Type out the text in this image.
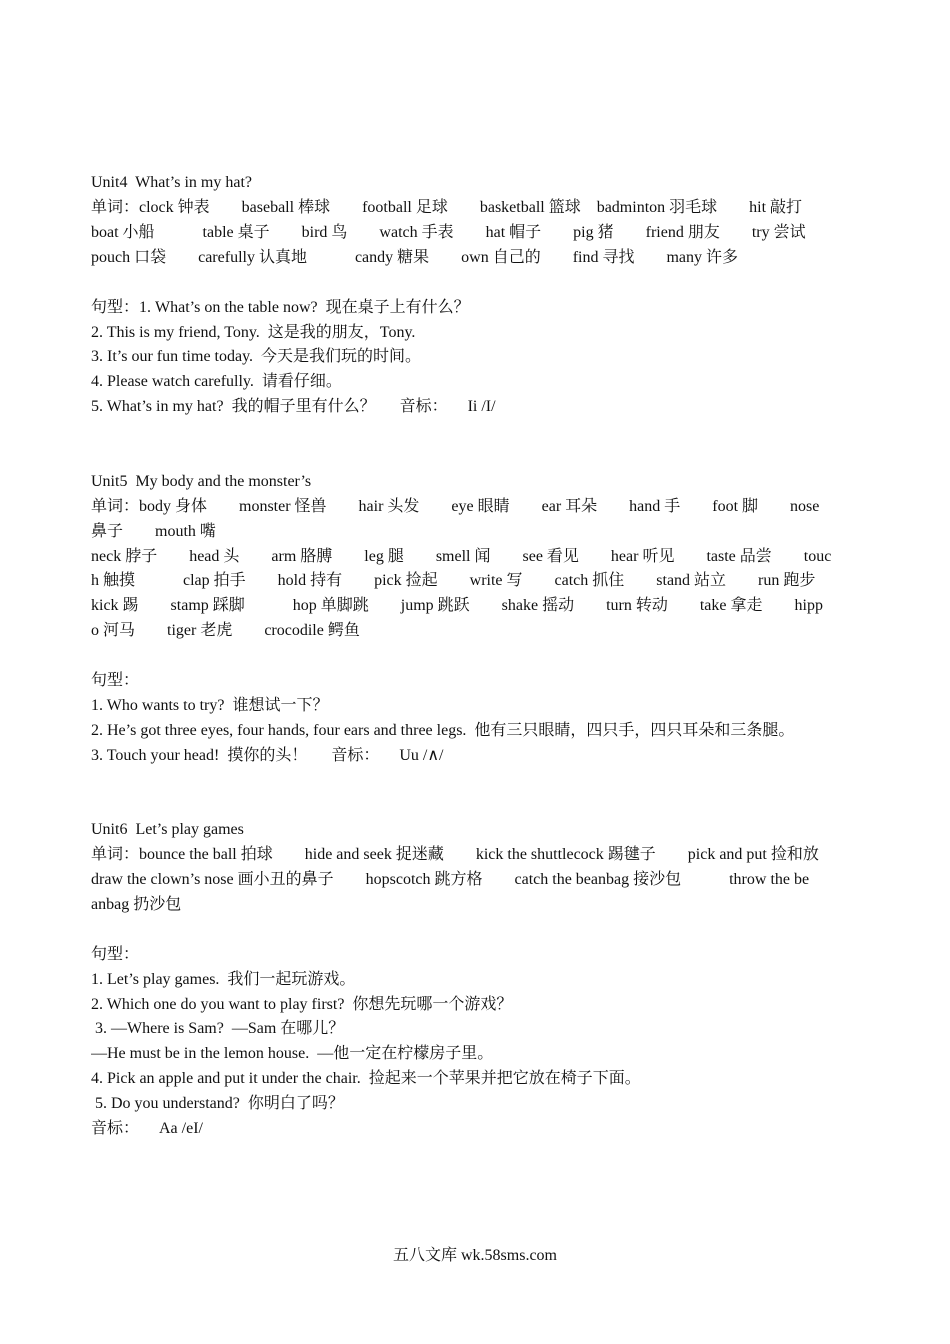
Unit4  What’s in my hat?
单词：clock 钟表        baseball 棒球        football 足球        basketball 篮球    badminton 羽毛球        hit 敲打
boat 小船            table 桌子        bird 鸟        watch 手表        hat 帽子        pig 猪        friend 朋友        try 尝试
pouch 口袋        carefully 认真地            candy 糖果        own 自己的        find 寻找        many 许多
句型：1. What’s on the table now?  现在桌子上有什么？
2. This is my friend, Tony.  这是我的朋友，Tony.
3. It’s our fun time today.  今天是我们玩的时间。
4. Please watch carefully.  请看仔细。
5. What’s in my hat?  我的帽子里有什么？      音标：     Ii /I/
Unit5  My body and the monster’s
单词：body 身体        monster 怪兽        hair 头发        eye 眼睛        ear 耳朵        hand 手        foot 脚        nose
鼻子        mouth 嘴
neck 脖子        head 头        arm 胳膊        leg 腿        smell 闻        see 看见        hear 听见        taste 品尝        touc
h 触摸            clap 拍手        hold 持有        pick 捡起        write 写        catch 抓住        stand 站立        run 跑步
kick 踢        stamp 踩脚            hop 单脚跳        jump 跳跃        shake 摇动        turn 转动        take 拿走        hipp
o 河马        tiger 老虎        crocodile 鳄鱼
句型：
1. Who wants to try?  谁想试一下？
2. He’s got three eyes, four hands, four ears and three legs.  他有三只眼睛，四只手，四只耳朵和三条腿。
3. Touch your head!  摸你的头！      音标：     Uu /∧/
Unit6  Let’s play games
单词：bounce the ball 拍球        hide and seek 捉迷藏        kick the shuttlecock 踢毽子        pick and put 捡和放
draw the clown’s nose 画小丑的鼻子        hopscotch 跳方格        catch the beanbag 接沙包            throw the be
anbag 扔沙包
句型：
1. Let’s play games.  我们一起玩游戏。
2. Which one do you want to play first?  你想先玩哪一个游戏？
3. —Where is Sam?  —Sam 在哪儿？
—He must be in the lemon house.  —他一定在柠檬房子里。
4. Pick an apple and put it under the chair.  捡起来一个苹果并把它放在椅子下面。
5. Do you understand?  你明白了吗？
音标：     Aa /eI/
五八文库 wk.58sms.com
